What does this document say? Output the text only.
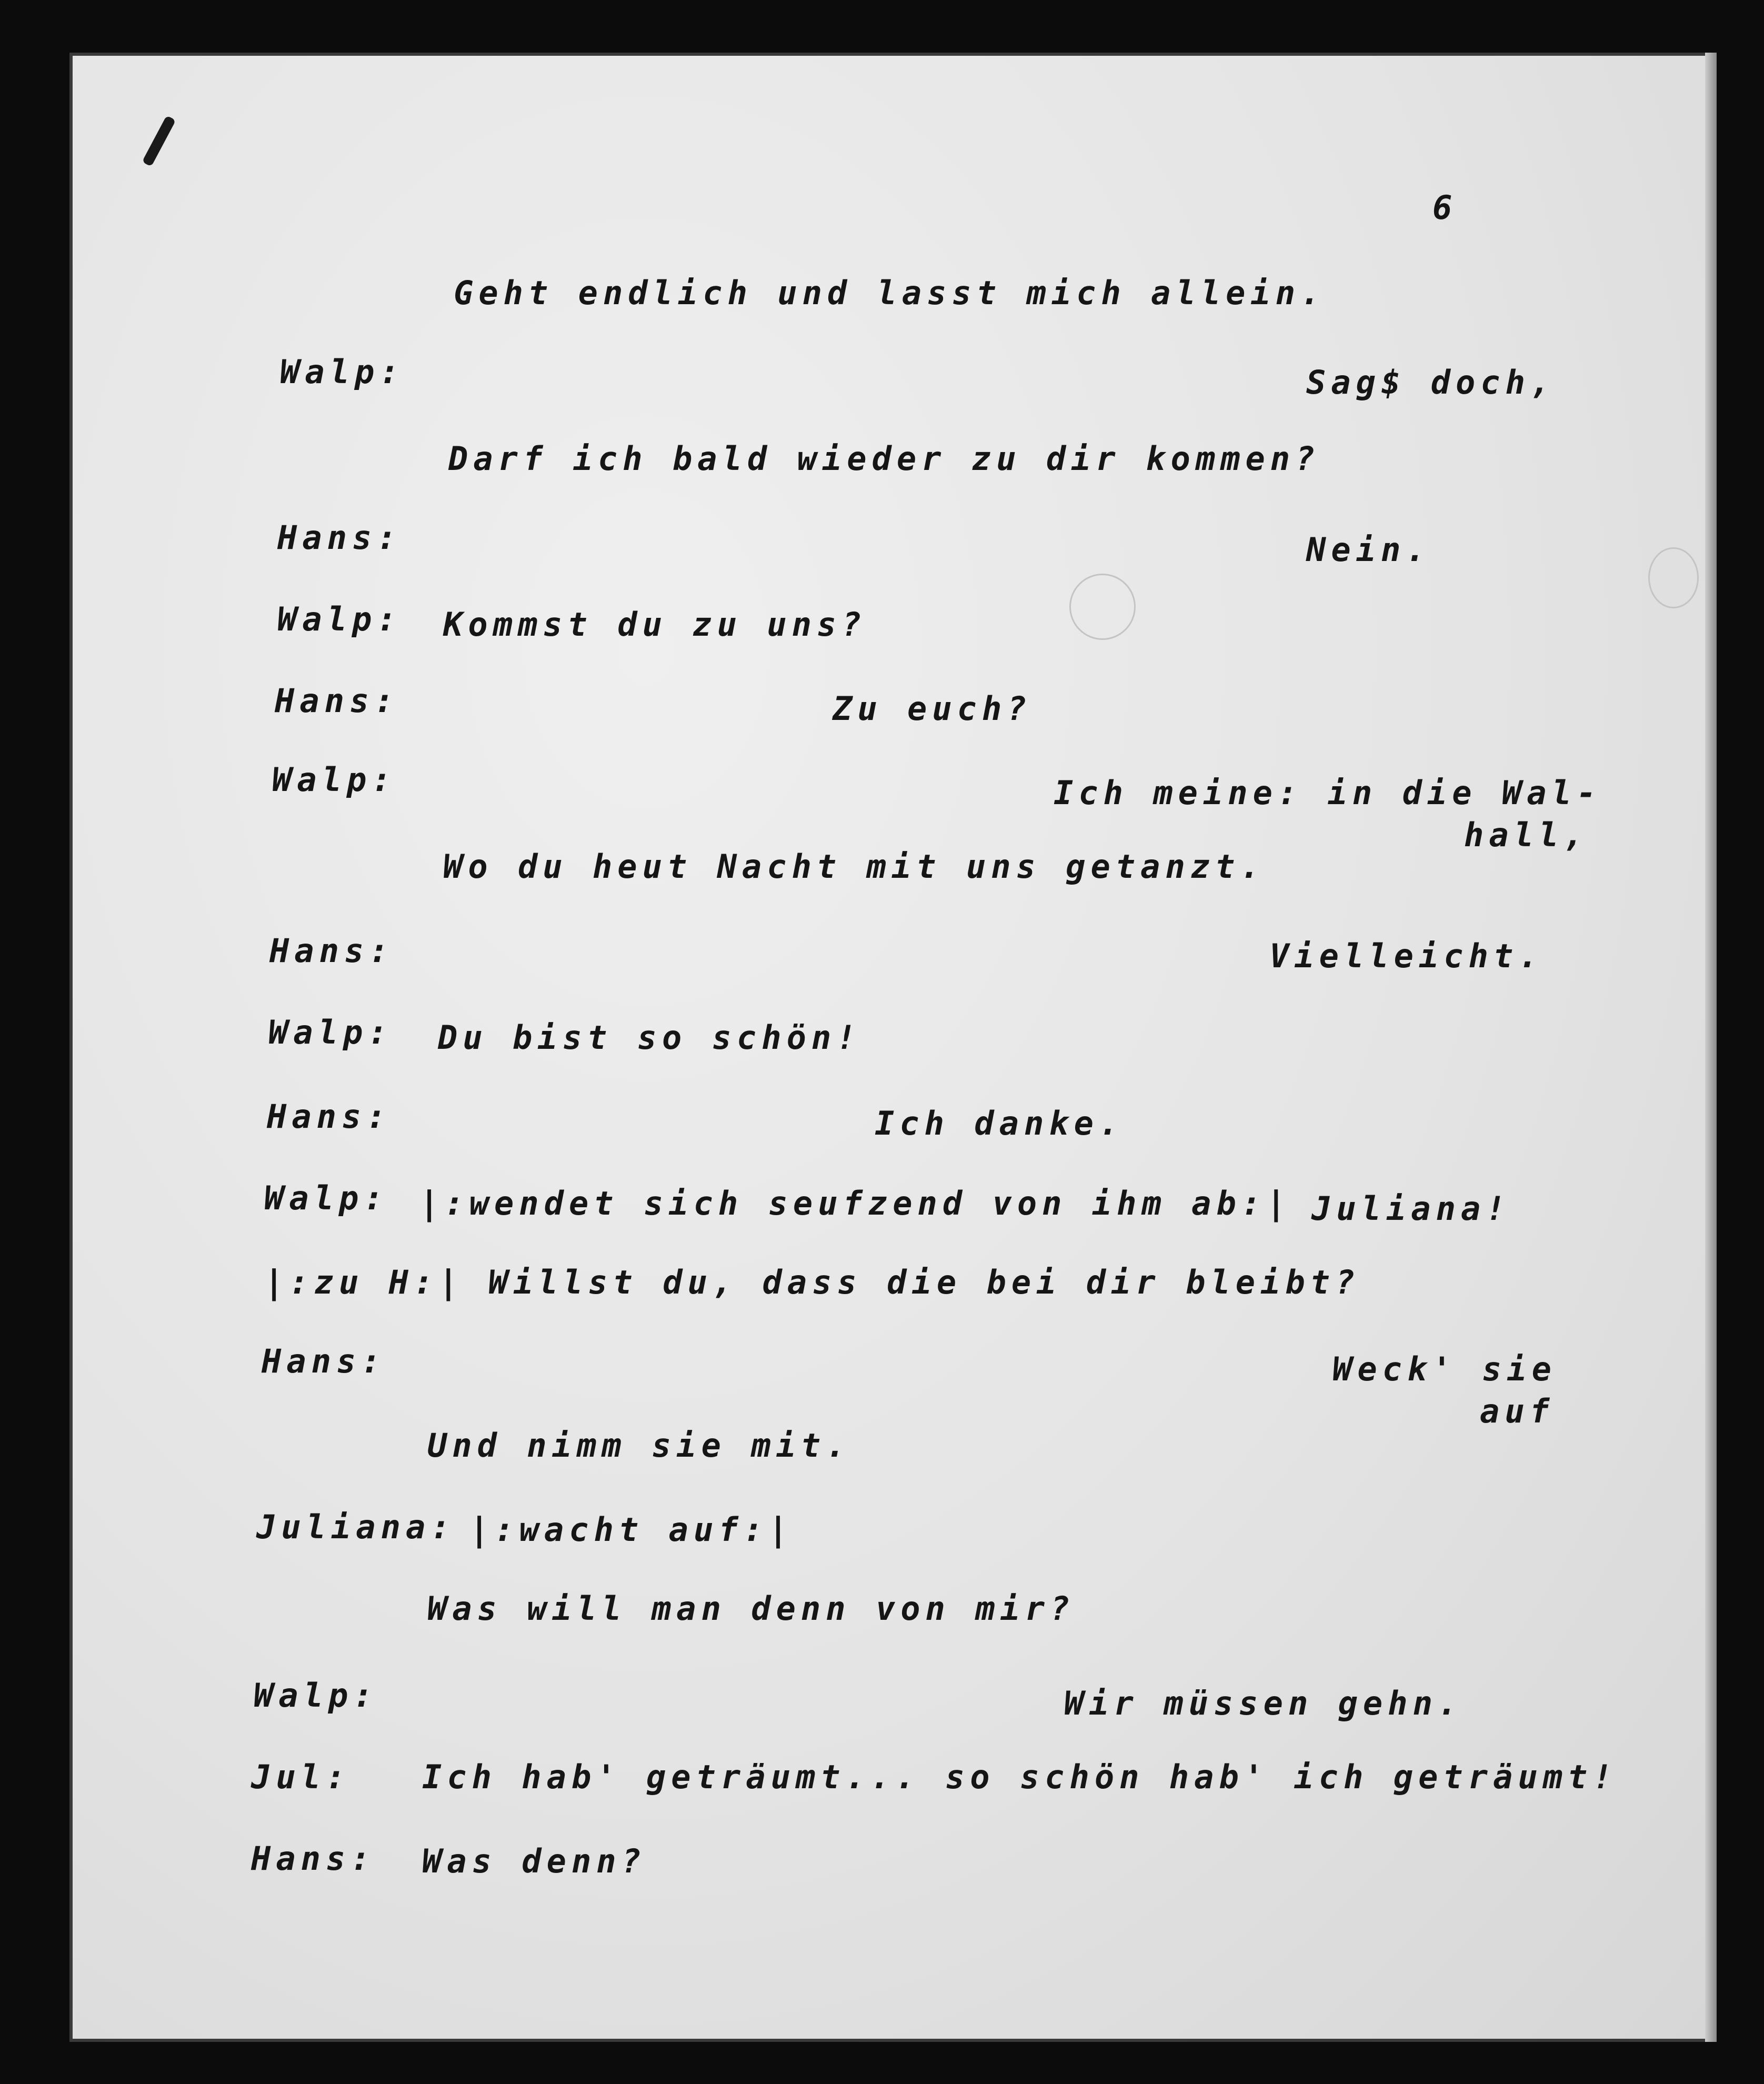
6
Geht endlich und lasst mich allein.
Walp:	Sag$ doch,
Darf ich bald wieder zu dir kommen?
Hans:	Nein.
Walp: Kommst du zu uns?
Hans:	Zu euch?
Walp:	Ich meine: in die Wal-
hall,
Wo du heut Nacht mit uns getanzt.
Hans:	Vielleicht.
Walp: Du bist so schön!
Hans:	Ich danke.
Walp: |:wendet sich seufzend von ihm ab:| Juliana!
|:zu H:| Willst du, dass die bei dir bleibt?
Hans:	Weck' sie
auf
Und nimm sie mit.
Juliana: |:wacht auf:|
Was will man denn von mir?
Walp:	Wir müssen gehn.
Jul: Ich hab' geträumt... so schön hab' ich geträumt!
Hans: Was denn?
